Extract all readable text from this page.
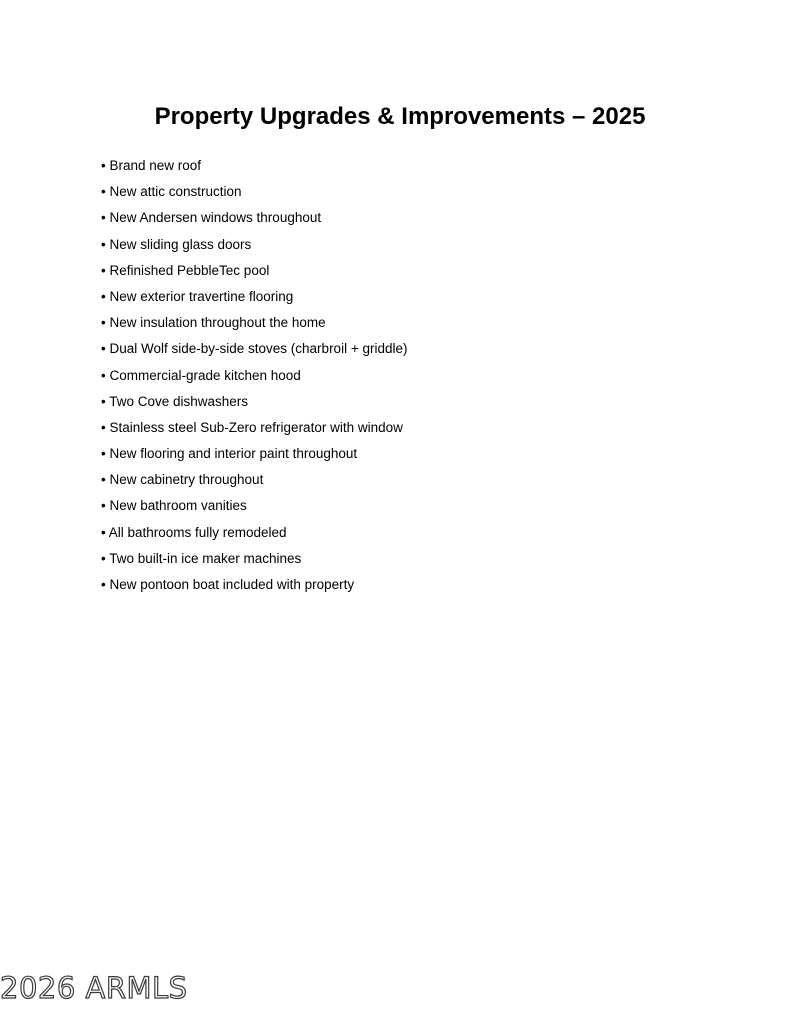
Property Upgrades & Improvements – 2025
• Brand new roof
• New attic construction
• New Andersen windows throughout
• New sliding glass doors
• Refinished PebbleTec pool
• New exterior travertine flooring
• New insulation throughout the home
• Dual Wolf side-by-side stoves (charbroil + griddle)
• Commercial-grade kitchen hood
• Two Cove dishwashers
• Stainless steel Sub-Zero refrigerator with window
• New flooring and interior paint throughout
• New cabinetry throughout
• New bathroom vanities
• All bathrooms fully remodeled
• Two built-in ice maker machines
• New pontoon boat included with property
2026 ARMLS
